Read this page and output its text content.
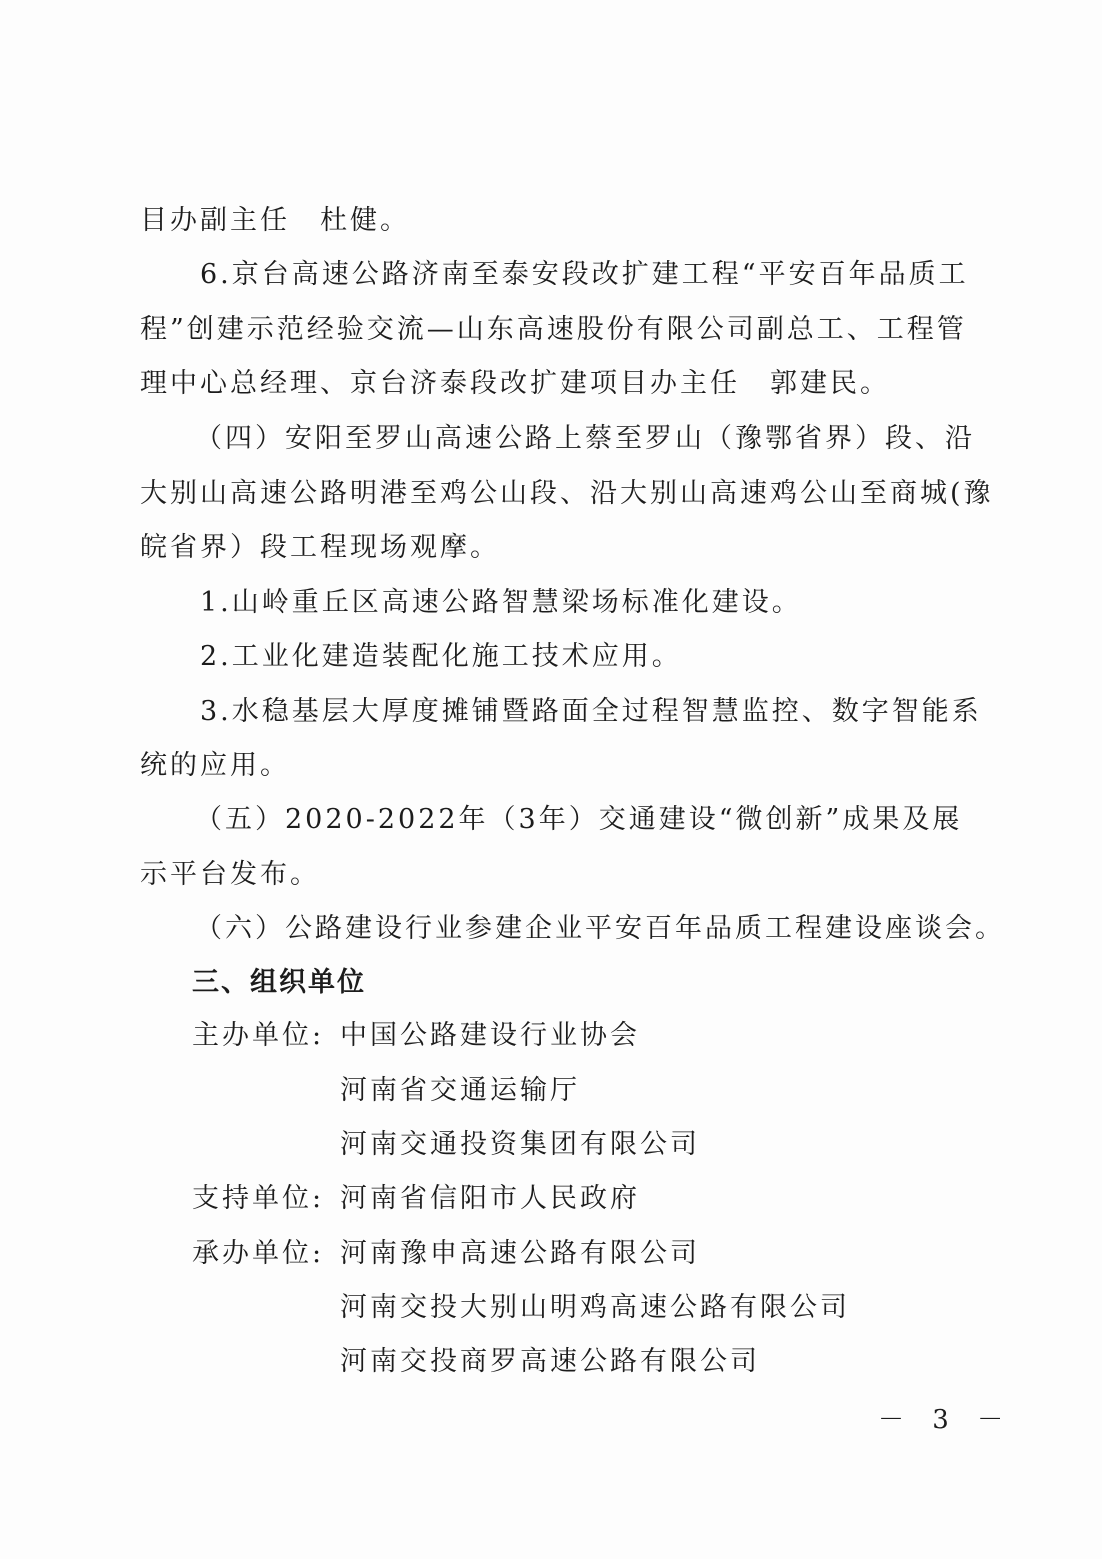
目办副主任　杜健。
6.京台高速公路济南至泰安段改扩建工程“平安百年品质工
程”创建示范经验交流—山东高速股份有限公司副总工、工程管
理中心总经理、京台济泰段改扩建项目办主任　郭建民。
（四）安阳至罗山高速公路上蔡至罗山（豫鄂省界）段、沿
大别山高速公路明港至鸡公山段、沿大别山高速鸡公山至商城(豫
皖省界）段工程现场观摩。
1.山岭重丘区高速公路智慧梁场标准化建设。
2.工业化建造装配化施工技术应用。
3.水稳基层大厚度摊铺暨路面全过程智慧监控、数字智能系
统的应用。
（五）2020-2022年（3年）交通建设“微创新”成果及展
示平台发布。
（六）公路建设行业参建企业平安百年品质工程建设座谈会。
三、组织单位
主办单位: 中国公路建设行业协会
河南省交通运输厅
河南交通投资集团有限公司
支持单位: 河南省信阳市人民政府
承办单位: 河南豫申高速公路有限公司
河南交投大别山明鸡高速公路有限公司
河南交投商罗高速公路有限公司
－ 3 －
